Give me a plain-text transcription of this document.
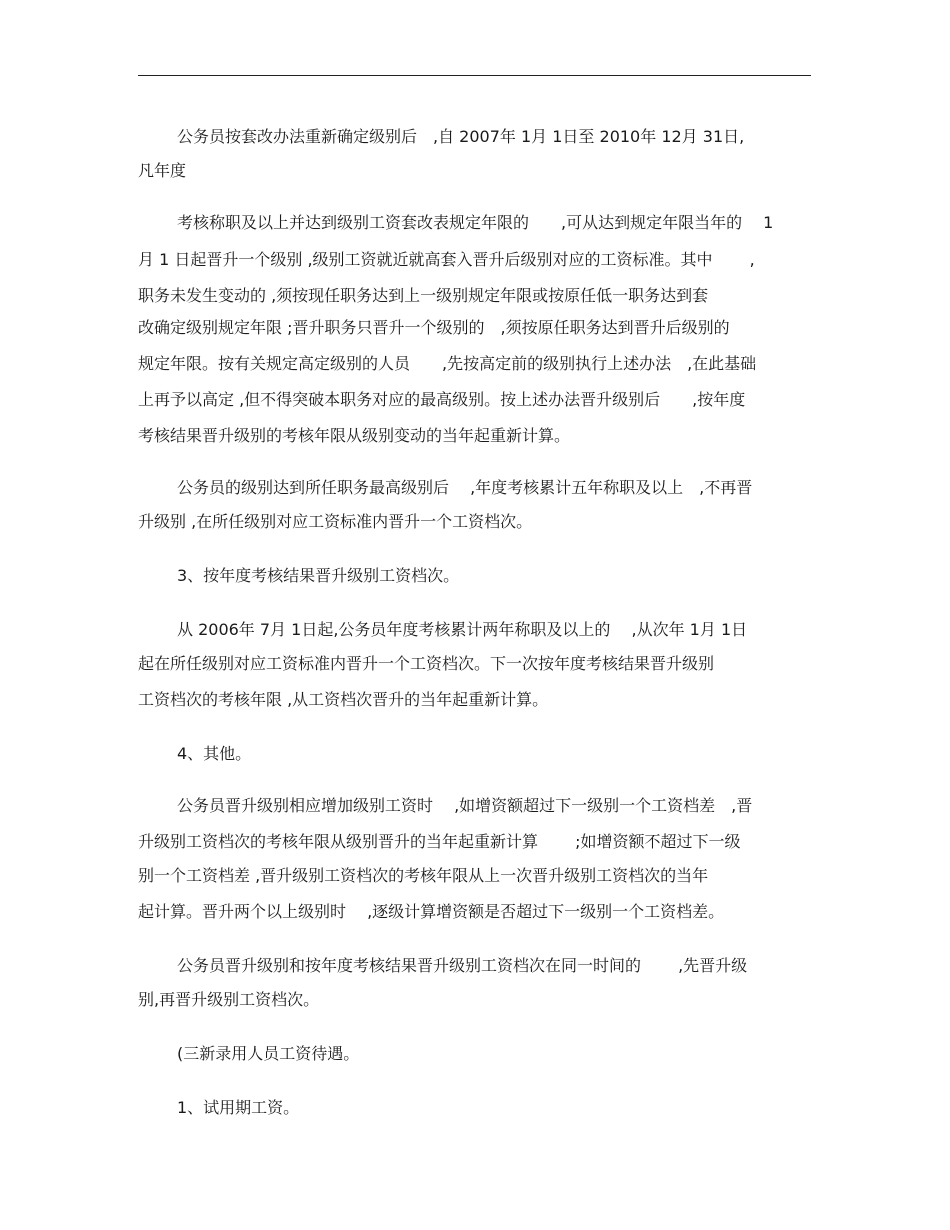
公务员按套改办法重新确定级别后　,自 2007年 1月 1日至 2010年 12月 31日,
凡年度
考核称职及以上并达到级别工资套改表规定年限的　　,可从达到规定年限当年的　 1
月 1 日起晋升一个级别 ,级别工资就近就高套入晋升后级别对应的工资标准。其中　　 ,
职务未发生变动的 ,须按现任职务达到上一级别规定年限或按原任低一职务达到套
改确定级别规定年限 ;晋升职务只晋升一个级别的　,须按原任职务达到晋升后级别的
规定年限。按有关规定高定级别的人员　　,先按高定前的级别执行上述办法　,在此基础
上再予以高定 ,但不得突破本职务对应的最高级别。按上述办法晋升级别后　　,按年度
考核结果晋升级别的考核年限从级别变动的当年起重新计算。
公务员的级别达到所任职务最高级别后　 ,年度考核累计五年称职及以上　,不再晋
升级别 ,在所任级别对应工资标准内晋升一个工资档次。
3、按年度考核结果晋升级别工资档次。
从 2006年 7月 1日起,公务员年度考核累计两年称职及以上的　 ,从次年 1月 1日
起在所任级别对应工资标准内晋升一个工资档次。下一次按年度考核结果晋升级别
工资档次的考核年限 ,从工资档次晋升的当年起重新计算。
4、其他。
公务员晋升级别相应增加级别工资时　 ,如增资额超过下一级别一个工资档差　,晋
升级别工资档次的考核年限从级别晋升的当年起重新计算　　 ;如增资额不超过下一级
别一个工资档差 ,晋升级别工资档次的考核年限从上一次晋升级别工资档次的当年
起计算。晋升两个以上级别时　 ,逐级计算增资额是否超过下一级别一个工资档差。
公务员晋升级别和按年度考核结果晋升级别工资档次在同一时间的　　 ,先晋升级
别,再晋升级别工资档次。
(三新录用人员工资待遇。
1、试用期工资。
